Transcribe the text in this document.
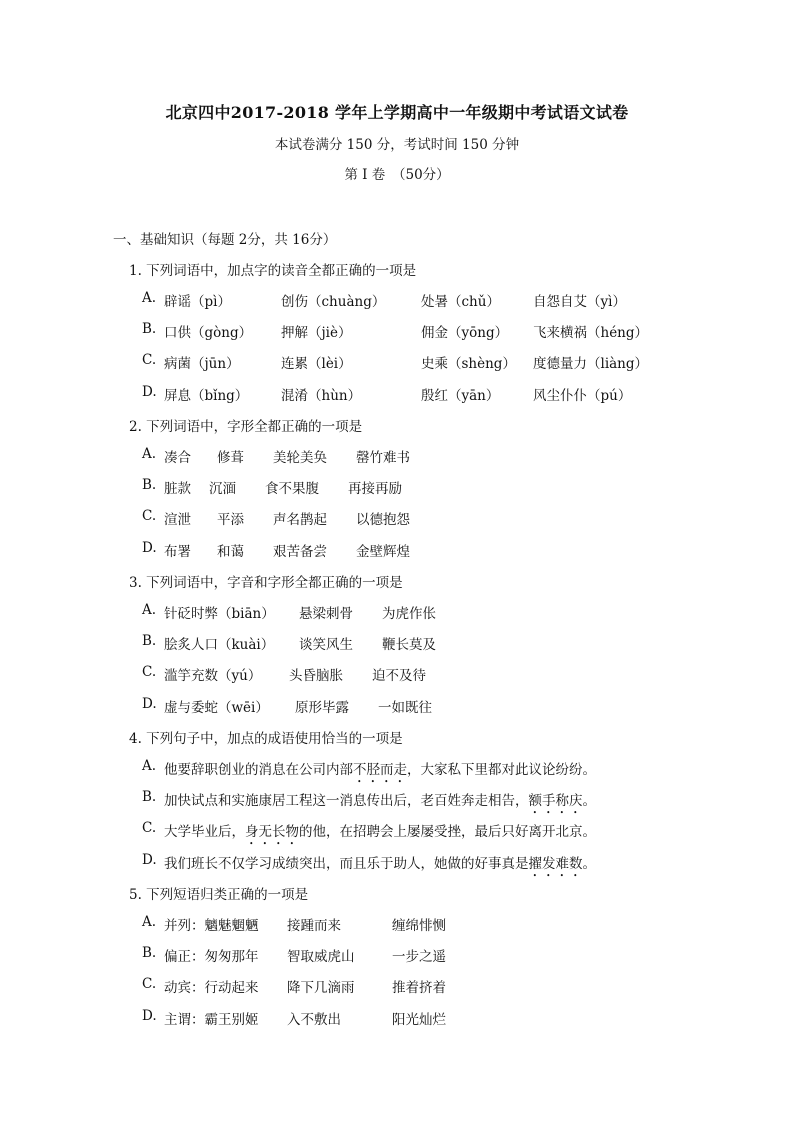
北京四中2017-2018 学年上学期高中一年级期中考试语文试卷
本试卷满分 150 分，考试时间 150 分钟
第 I 卷　（50分）
一、基础知识（每题 2分，共 16分）
1. 下列词语中，加点字的读音全都正确的一项是
A. 辟谣（pì）	创伤（chuàng）	处暑（chǔ） 自怨自艾（yì）
B. 口供（gòng） 押解（jiè）	佣金（yōng） 飞来横祸（héng）
C. 病菌（jūn）	连累（lèi）	史乘（shèng） 度德量力（liàng）
D. 屏息（bǐng） 混淆（hùn）	殷红（yān） 风尘仆仆（pú）
2. 下列词语中，字形全都正确的一项是
A. 凑合 修葺 美轮美奂 罄竹难书
B. 脏款 沉湎 食不果腹 再接再励
C. 渲泄 平添 声名鹊起 以德抱怨
D. 布署 和蔼 艰苦备尝 金壁辉煌
3. 下列词语中，字音和字形全都正确的一项是
A. 针砭时弊（biān） 悬梁刺骨 为虎作伥
B. 脍炙人口（kuài） 谈笑风生 鞭长莫及
C. 滥竽充数（yú） 头昏脑胀 迫不及待
D. 虚与委蛇（wēi） 原形毕露 一如既往
4. 下列句子中，加点的成语使用恰当的一项是
A. 他要辞职创业的消息在公司内部不胫而走，大家私下里都对此议论纷纷。
B. 加快试点和实施康居工程这一消息传出后，老百姓奔走相告，额手称庆。
C. 大学毕业后，身无长物的他，在招聘会上屡屡受挫，最后只好离开北京。
D. 我们班长不仅学习成绩突出，而且乐于助人，她做的好事真是擢发难数。
5. 下列短语归类正确的一项是
A. 并列：魑魅魍魉 接踵而来	缠绵悱恻
B. 偏正：匆匆那年 智取威虎山	一步之遥
C. 动宾：行动起来 降下几滴雨	推着挤着
D. 主谓：霸王别姬 入不敷出	阳光灿烂
